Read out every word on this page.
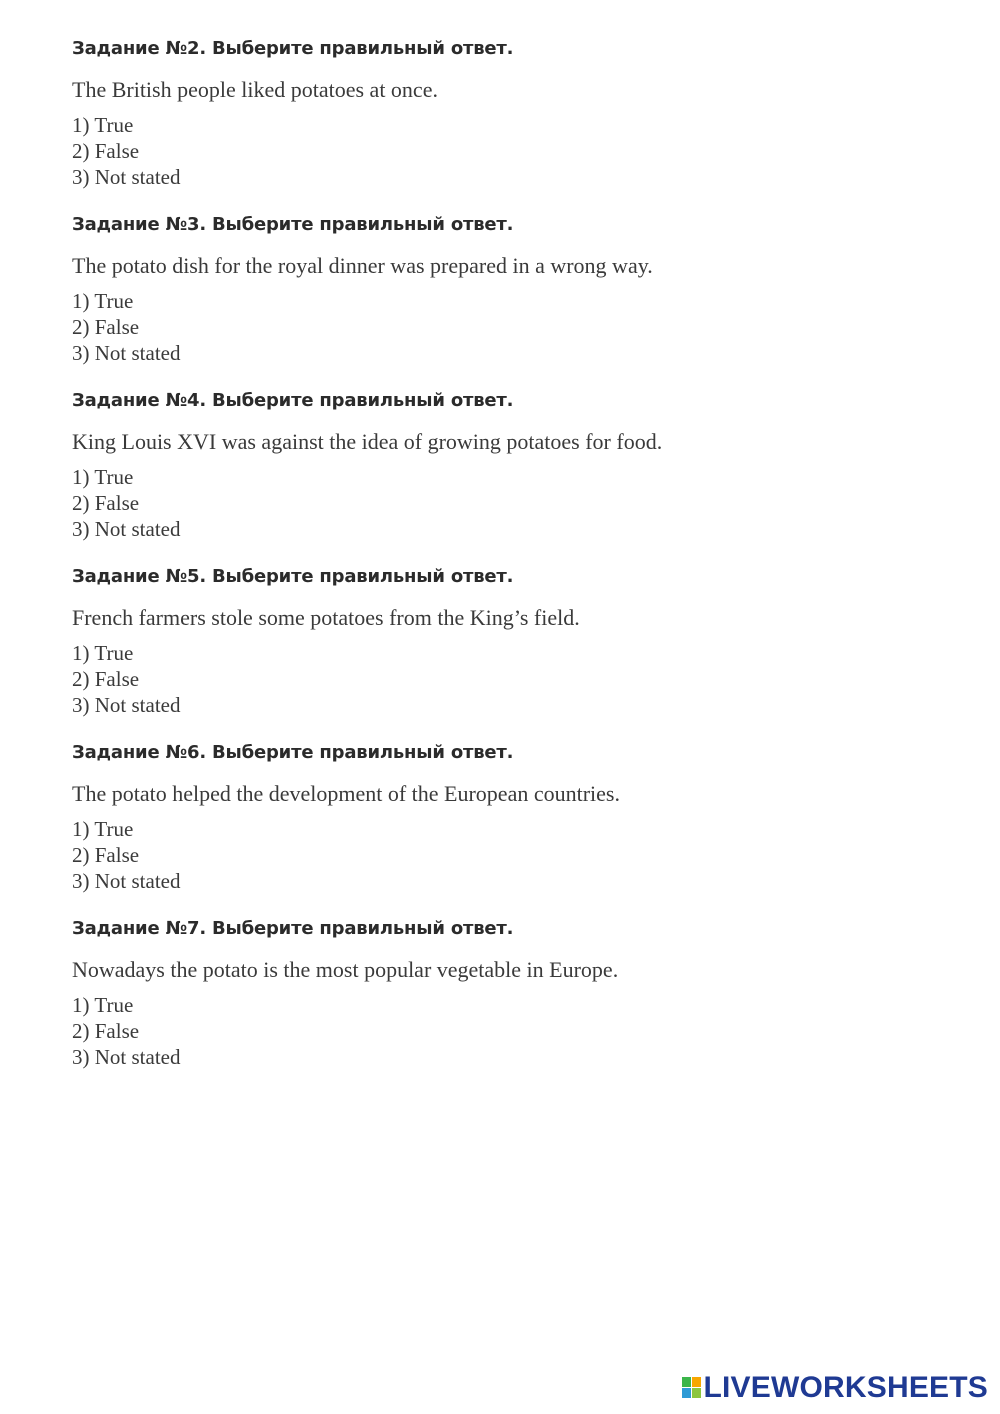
Задание №2. Выберите правильный ответ.
The British people liked potatoes at once.
1) True
2) False
3) Not stated
Задание №3. Выберите правильный ответ.
The potato dish for the royal dinner was prepared in a wrong way.
1) True
2) False
3) Not stated
Задание №4. Выберите правильный ответ.
King Louis XVI was against the idea of growing potatoes for food.
1) True
2) False
3) Not stated
Задание №5. Выберите правильный ответ.
French farmers stole some potatoes from the King’s field.
1) True
2) False
3) Not stated
Задание №6. Выберите правильный ответ.
The potato helped the development of the European countries.
1) True
2) False
3) Not stated
Задание №7. Выберите правильный ответ.
Nowadays the potato is the most popular vegetable in Europe.
1) True
2) False
3) Not stated
LIVEWORKSHEETS
